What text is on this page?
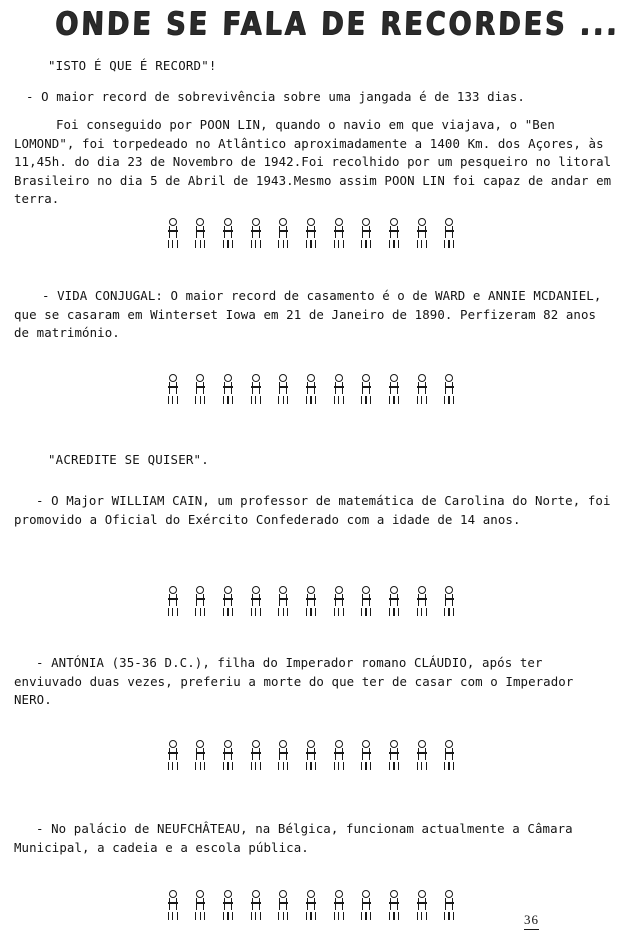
ONDE SE FALA DE RECORDES ...
"ISTO É QUE É RECORD"!
- O maior record de sobrevivência sobre uma jangada é de 133 dias.
Foi conseguido por POON LIN, quando o navio em que viajava, o "Ben LOMOND", foi torpedeado no Atlântico aproximadamente a 1400 Km. dos Açores, às 11,45h. do dia 23 de Novembro de 1942.Foi recolhido por um pesqueiro no litoral Brasileiro no dia 5 de Abril de 1943.Mesmo assim POON LIN foi capaz de andar em terra.

- VIDA CONJUGAL: O maior record de casamento é o de WARD e ANNIE MCDANIEL, que se casaram em Winterset Iowa em 21 de Janeiro de 1890. Perfizeram 82 anos de matrimónio.

"ACREDITE SE QUISER".
- O Major WILLIAM CAIN, um professor de matemática de Carolina do Norte, foi promovido a Oficial do Exército Confederado com a idade de 14 anos.

- ANTÓNIA (35-36 D.C.), filha do Imperador romano CLÁUDIO, após ter enviuvado duas vezes, preferiu a morte do que ter de casar com o Imperador NERO.

- No palácio de NEUFCHÂTEAU, na Bélgica, funcionam actualmente a Câmara Municipal, a cadeia e a escola pública.

36
